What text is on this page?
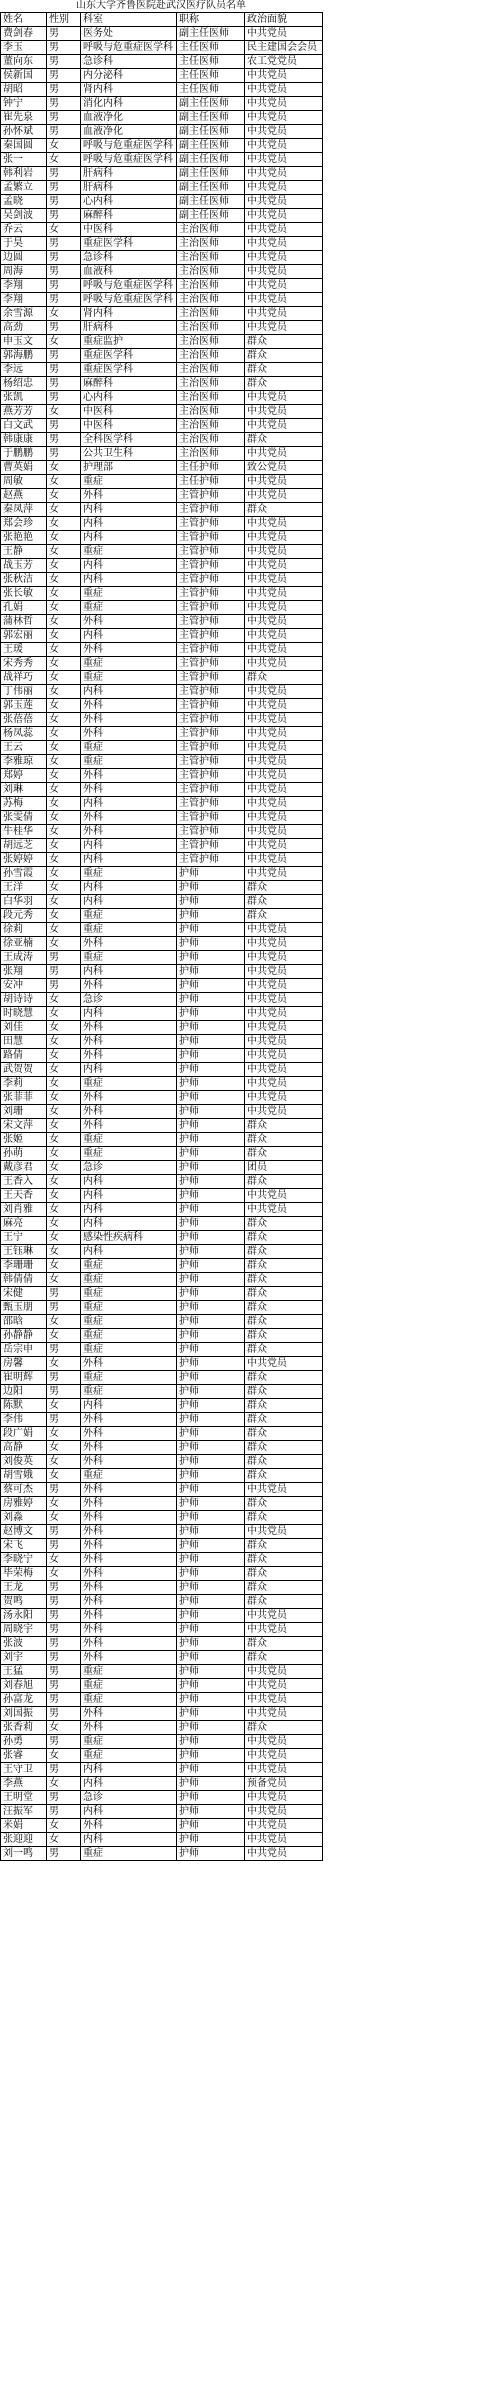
山东大学齐鲁医院赴武汉医疗队员名单
姓名	性别	科室	职称	政治面貌
费剑春	男	医务处	副主任医师	中共党员
李玉	男	呼吸与危重症医学科	主任医师	民主建国会会员
董向东	男	急诊科	主任医师	农工党党员
侯新国	男	内分泌科	主任医师	中共党员
胡昭	男	肾内科	主任医师	中共党员
钟宁	男	消化内科	副主任医师	中共党员
崔先泉	男	血液净化	副主任医师	中共党员
孙怀斌	男	血液净化	副主任医师	中共党员
秦国圆	女	呼吸与危重症医学科	副主任医师	中共党员
张一	女	呼吸与危重症医学科	副主任医师	中共党员
韩利岩	男	肝病科	副主任医师	中共党员
孟繁立	男	肝病科	副主任医师	中共党员
孟晓	男	心内科	副主任医师	中共党员
吴剑波	男	麻醉科	副主任医师	中共党员
乔云	女	中医科	主治医师	中共党员
于昊	男	重症医学科	主治医师	中共党员
边圆	男	急诊科	主治医师	中共党员
周海	男	血液科	主治医师	中共党员
李翔	男	呼吸与危重症医学科	主治医师	中共党员
李翔	男	呼吸与危重症医学科	主治医师	中共党员
余雪源	女	肾内科	主治医师	中共党员
高劲	男	肝病科	主治医师	中共党员
申玉文	女	重症监护	主治医师	群众
郭海鹏	男	重症医学科	主治医师	群众
李远	男	重症医学科	主治医师	群众
杨绍忠	男	麻醉科	主治医师	群众
张凯	男	心内科	主治医师	中共党员
燕芳芳	女	中医科	主治医师	中共党员
白文武	男	中医科	主治医师	中共党员
韩康康	男	全科医学科	主治医师	群众
于鹏鹏	男	公共卫生科	主治医师	中共党员
曹英娟	女	护理部	主任护师	致公党员
周敏	女	重症	主任护师	中共党员
赵燕	女	外科	主管护师	中共党员
秦凤萍	女	内科	主管护师	群众
郑会珍	女	内科	主管护师	中共党员
张艳艳	女	内科	主管护师	中共党员
王静	女	重症	主管护师	中共党员
战玉芳	女	内科	主管护师	中共党员
张秋洁	女	内科	主管护师	中共党员
张长敏	女	重症	主管护师	中共党员
孔娟	女	重症	主管护师	中共党员
蒲林哲	女	外科	主管护师	中共党员
郭宏丽	女	内科	主管护师	中共党员
王瑗	女	外科	主管护师	中共党员
宋秀秀	女	重症	主管护师	中共党员
战祥巧	女	重症	主管护师	群众
丁伟丽	女	内科	主管护师	中共党员
郭玉莲	女	外科	主管护师	中共党员
张蓓蓓	女	外科	主管护师	中共党员
杨凤蕊	女	外科	主管护师	中共党员
王云	女	重症	主管护师	中共党员
李雅琼	女	重症	主管护师	中共党员
郑婷	女	外科	主管护师	中共党员
刘琳	女	外科	主管护师	中共党员
苏梅	女	内科	主管护师	中共党员
张雯倩	女	外科	主管护师	中共党员
牛桂华	女	外科	主管护师	中共党员
胡远芝	女	内科	主管护师	中共党员
张婷婷	女	内科	主管护师	中共党员
孙雪霞	女	重症	护师	中共党员
王洋	女	内科	护师	群众
白华羽	女	内科	护师	群众
段元秀	女	重症	护师	群众
徐莉	女	重症	护师	中共党员
徐亚楠	女	外科	护师	中共党员
王成涛	男	重症	护师	中共党员
张翔	男	内科	护师	中共党员
安冲	男	外科	护师	中共党员
胡诗诗	女	急诊	护师	中共党员
时晓慧	女	内科	护师	中共党员
刘佳	女	外科	护师	中共党员
田慧	女	外科	护师	中共党员
路倩	女	外科	护师	中共党员
武贺贺	女	内科	护师	中共党员
李莉	女	重症	护师	中共党员
张菲菲	女	外科	护师	中共党员
刘珊	女	外科	护师	中共党员
宋文萍	女	外科	护师	群众
张姬	女	重症	护师	群众
孙萌	女	重症	护师	群众
戴彦君	女	急诊	护师	团员
王香入	女	内科	护师	群众
王天香	女	内科	护师	中共党员
刘肖雅	女	内科	护师	中共党员
麻亮	女	内科	护师	群众
王宁	女	感染性疾病科	护师	群众
王钰琳	女	内科	护师	群众
李珊珊	女	重症	护师	群众
韩倩倩	女	重症	护师	群众
宋健	男	重症	护师	群众
甄玉朋	男	重症	护师	群众
邵晗	女	重症	护师	群众
孙静静	女	重症	护师	群众
岳宗申	男	重症	护师	群众
房馨	女	外科	护师	中共党员
崔明辉	男	重症	护师	群众
边阳	男	重症	护师	群众
陈默	女	内科	护师	群众
李伟	男	外科	护师	群众
段广娟	女	外科	护师	群众
高静	女	外科	护师	群众
刘俊英	女	外科	护师	群众
胡雪娥	女	重症	护师	群众
蔡可杰	男	外科	护师	中共党员
房雅婷	女	外科	护师	群众
刘淼	女	外科	护师	群众
赵博文	男	外科	护师	中共党员
宋飞	男	外科	护师	群众
李晓宁	女	外科	护师	群众
毕荣梅	女	外科	护师	群众
王龙	男	外科	护师	群众
贺鸣	男	外科	护师	群众
汤永阳	男	外科	护师	中共党员
周晓宇	男	外科	护师	中共党员
张波	男	外科	护师	群众
刘宇	男	外科	护师	群众
王猛	男	重症	护师	中共党员
刘春旭	男	重症	护师	中共党员
孙富龙	男	重症	护师	中共党员
刘国振	男	外科	护师	中共党员
张香莉	女	外科	护师	群众
孙勇	男	重症	护师	中共党员
张睿	女	重症	护师	中共党员
王守卫	男	内科	护师	中共党员
李燕	女	内科	护师	预备党员
王明堂	男	急诊	护师	中共党员
汪振军	男	内科	护师	中共党员
米娟	女	外科	护师	中共党员
张迎迎	女	内科	护师	中共党员
刘一鸣	男	重症	护师	中共党员
